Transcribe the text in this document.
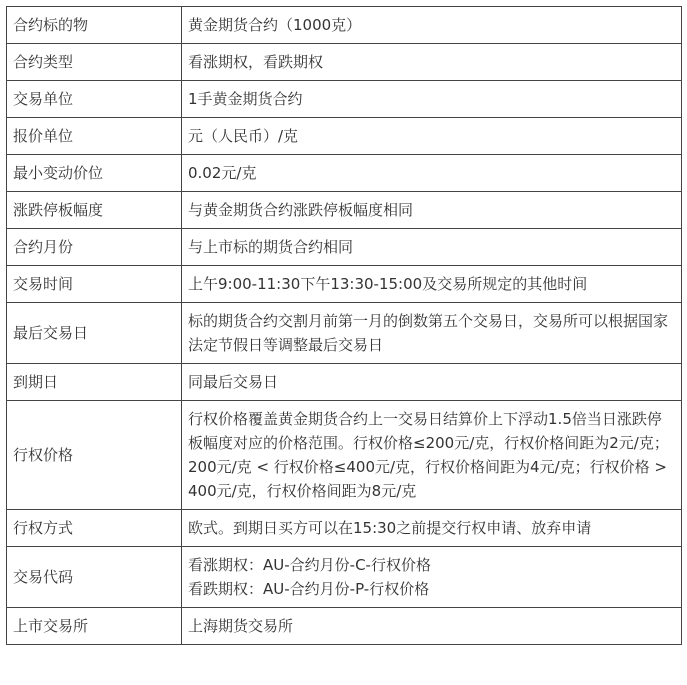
合约标的物	黄金期货合约（1000克）
合约类型	看涨期权，看跌期权
交易单位	1手黄金期货合约
报价单位	元（人民币）/克
最小变动价位	0.02元/克
涨跌停板幅度	与黄金期货合约涨跌停板幅度相同
合约月份	与上市标的期货合约相同
交易时间	上午9:00-11:30下午13:30-15:00及交易所规定的其他时间
最后交易日	标的期货合约交割月前第一月的倒数第五个交易日，交易所可以根据国家法定节假日等调整最后交易日
到期日	同最后交易日
行权价格	行权价格覆盖黄金期货合约上一交易日结算价上下浮动1.5倍当日涨跌停板幅度对应的价格范围。行权价格≤200元/克，行权价格间距为2元/克；200元/克 < 行权价格≤400元/克，行权价格间距为4元/克；行权价格 > 400元/克，行权价格间距为8元/克
行权方式	欧式。到期日买方可以在15:30之前提交行权申请、放弃申请
交易代码	看涨期权：AU-合约月份-C-行权价格
看跌期权：AU-合约月份-P-行权价格

上市交易所	上海期货交易所
